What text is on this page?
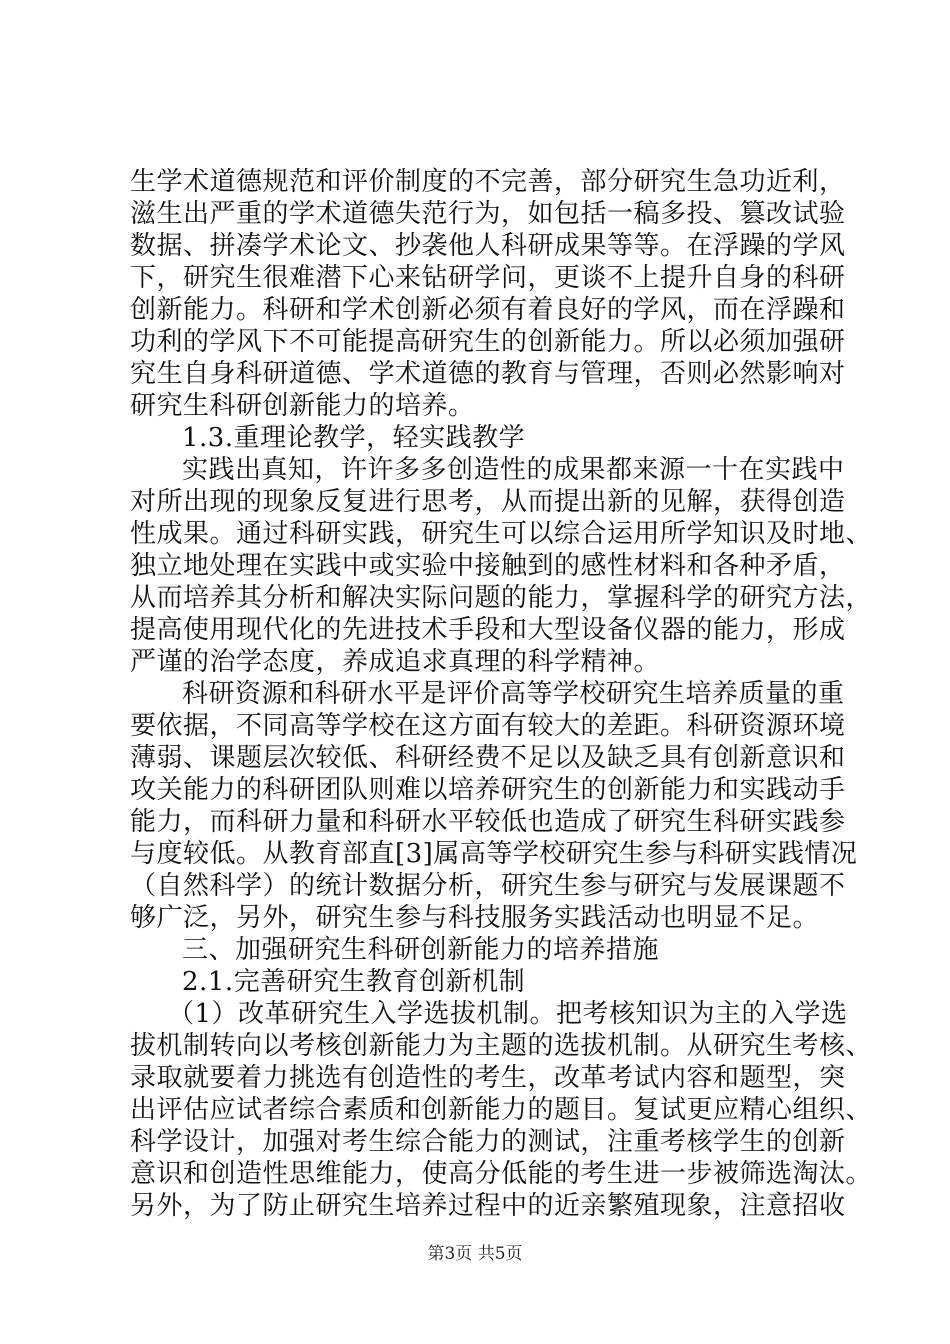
生学术道德规范和评价制度的不完善，部分研究生急功近利，
滋生出严重的学术道德失范行为，如包括一稿多投、篡改试验
数据、拼凑学术论文、抄袭他人科研成果等等。在浮躁的学风
下，研究生很难潜下心来钻研学问，更谈不上提升自身的科研
创新能力。科研和学术创新必须有着良好的学风，而在浮躁和
功利的学风下不可能提高研究生的创新能力。所以必须加强研
究生自身科研道德、学术道德的教育与管理，否则必然影响对
研究生科研创新能力的培养。
1.3.重理论教学，轻实践教学
实践出真知，许许多多创造性的成果都来源一十在实践中
对所出现的现象反复进行思考，从而提出新的见解，获得创造
性成果。通过科研实践，研究生可以综合运用所学知识及时地、
独立地处理在实践中或实验中接触到的感性材料和各种矛盾，
从而培养其分析和解决实际问题的能力，掌握科学的研究方法，
提高使用现代化的先进技术手段和大型设备仪器的能力，形成
严谨的治学态度，养成追求真理的科学精神。
科研资源和科研水平是评价高等学校研究生培养质量的重
要依据，不同高等学校在这方面有较大的差距。科研资源环境
薄弱、课题层次较低、科研经费不足以及缺乏具有创新意识和
攻关能力的科研团队则难以培养研究生的创新能力和实践动手
能力，而科研力量和科研水平较低也造成了研究生科研实践参
与度较低。从教育部直[3]属高等学校研究生参与科研实践情况
（自然科学）的统计数据分析，研究生参与研究与发展课题不
够广泛，另外，研究生参与科技服务实践活动也明显不足。
三、加强研究生科研创新能力的培养措施
2.1.完善研究生教育创新机制
（1）改革研究生入学选拔机制。把考核知识为主的入学选
拔机制转向以考核创新能力为主题的选拔机制。从研究生考核、
录取就要着力挑选有创造性的考生，改革考试内容和题型，突
出评估应试者综合素质和创新能力的题目。复试更应精心组织、
科学设计，加强对考生综合能力的测试，注重考核学生的创新
意识和创造性思维能力，使高分低能的考生进一步被筛选淘汰。
另外，为了防止研究生培养过程中的近亲繁殖现象，注意招收
第3页 共5页
